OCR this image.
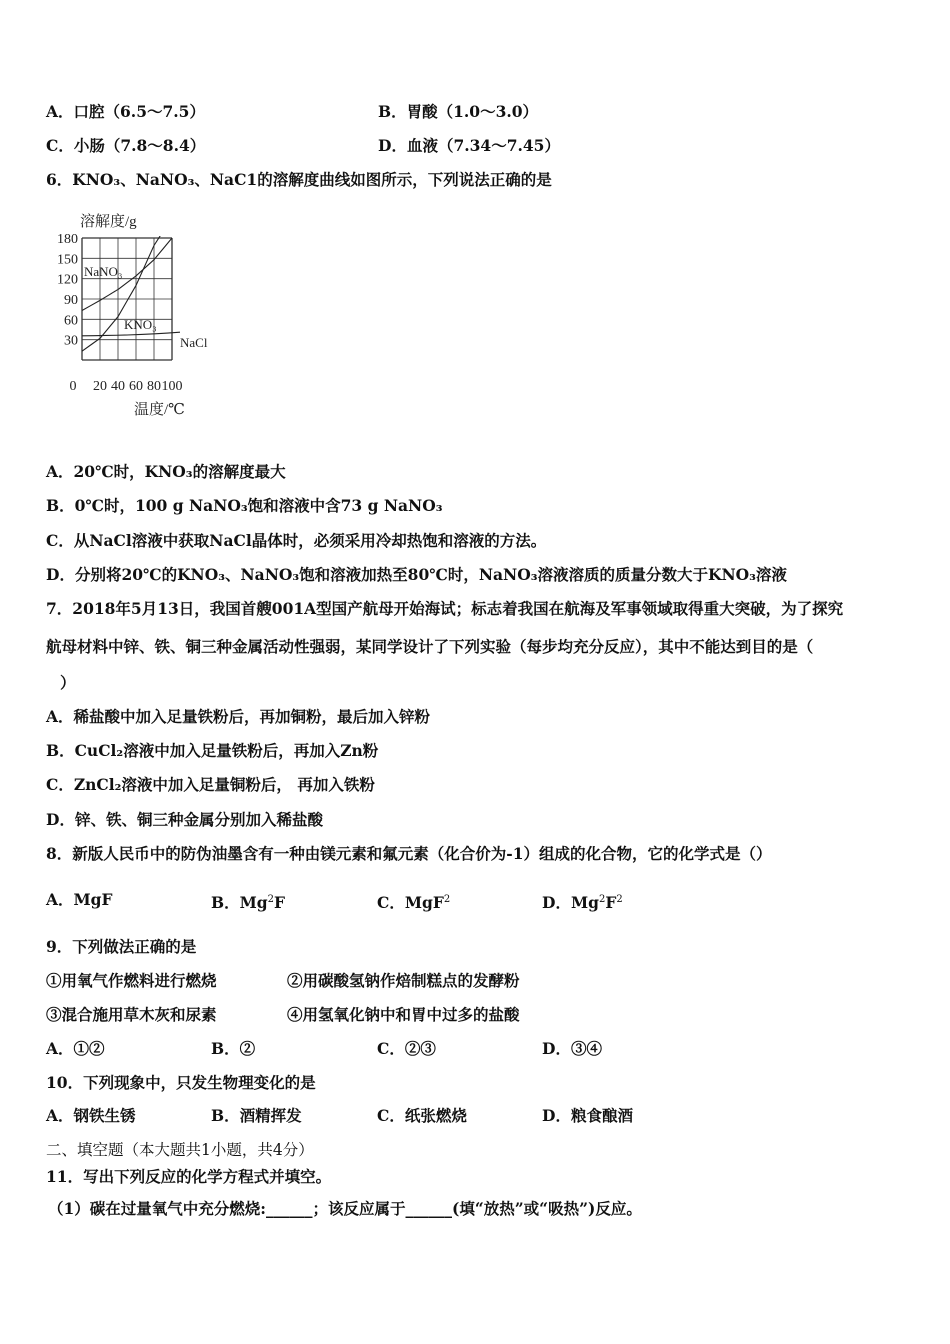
A．口腔（6.5～7.5）	B．胃酸（1.0～3.0）
C．小肠（7.8～8.4）	D．血液（7.34～7.45）
6．KNO₃、NaNO₃、NaC1的溶解度曲线如图所示，下列说法正确的是
溶解度/g
温度/℃
180
150
120
90
60
30
0 20 40 60 80 100
NaNO₃
KNO₃
NaCl
A．20℃时，KNO₃的溶解度最大
B．0℃时，100 g NaNO₃饱和溶液中含73 g NaNO₃
C．从NaCl溶液中获取NaCl晶体时，必须采用冷却热饱和溶液的方法。
D．分别将20℃的KNO₃、NaNO₃饱和溶液加热至80℃时，NaNO₃溶液溶质的质量分数大于KNO₃溶液
7．2018年5月13日，我国首艘001A型国产航母开始海试；标志着我国在航海及军事领域取得重大突破，为了探究
航母材料中锌、铁、铜三种金属活动性强弱，某同学设计了下列实验（每步均充分反应），其中不能达到目的是（
）
A．稀盐酸中加入足量铁粉后，再加铜粉，最后加入锌粉
B．CuCl₂溶液中加入足量铁粉后，再加入Zn粉
C．ZnCl₂溶液中加入足量铜粉后， 再加入铁粉
D．锌、铁、铜三种金属分别加入稀盐酸
8．新版人民币中的防伪油墨含有一种由镁元素和氟元素（化合价为-1）组成的化合物，它的化学式是（）
A．MgF	B．Mg$^2$F	C．MgF$^2$	D．$Mg^2F^2$
9．下列做法正确的是
①用氧气作燃料进行燃烧	②用碳酸氢钠作焙制糕点的发酵粉
③混合施用草木灰和尿素	④用氢氧化钠中和胃中过多的盐酸
A．①②	B．②	C．②③	D．③④
10．下列现象中，只发生物理变化的是
A．钢铁生锈	B．酒精挥发	C．纸张燃烧	D．粮食酿酒
二、填空题（本大题共1小题，共4分）
11．写出下列反应的化学方程式并填空。
（1）碳在过量氧气中充分燃烧:______；该反应属于______(填“放热”或“吸热”)反应。
